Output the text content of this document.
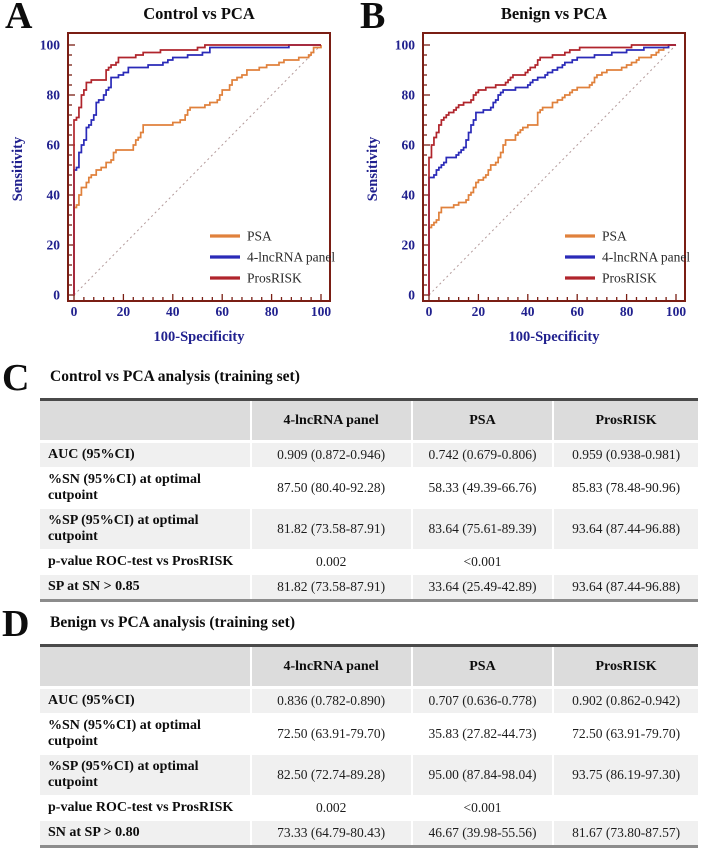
A	Control vs PCA
0	20	40	60	80 100
0
20
40
60
80
100
100-Specificity
Sensitivity
PSA
4-lncRNA panel
ProsRISK
B	Benign vs PCA
0	20	40	60	80 100
0
20
40
60
80
100
100-Specificity
Sensitivity
PSA
4-lncRNA panel
ProsRISK
C	Control vs PCA analysis (training set)
	4-lncRNA panel	PSA	ProsRISK
AUC (95%CI)	0.909 (0.872-0.946)	0.742 (0.679-0.806)	0.959 (0.938-0.981)
%SN (95%CI) at optimal cutpoint	87.50 (80.40-92.28)	58.33 (49.39-66.76)	85.83 (78.48-90.96)
%SP (95%CI) at optimal cutpoint	81.82 (73.58-87.91)	83.64 (75.61-89.39)	93.64 (87.44-96.88)
p-value ROC-test vs ProsRISK	0.002	<0.001	
SP at SN > 0.85	81.82 (73.58-87.91)	33.64 (25.49-42.89)	93.64 (87.44-96.88)
D	Benign vs PCA analysis (training set)
	4-lncRNA panel	PSA	ProsRISK
AUC (95%CI)	0.836 (0.782-0.890)	0.707 (0.636-0.778)	0.902 (0.862-0.942)
%SN (95%CI) at optimal cutpoint	72.50 (63.91-79.70)	35.83 (27.82-44.73)	72.50 (63.91-79.70)
%SP (95%CI) at optimal cutpoint	82.50 (72.74-89.28)	95.00 (87.84-98.04)	93.75 (86.19-97.30)
p-value ROC-test vs ProsRISK	0.002	<0.001	
SN at SP > 0.80	73.33 (64.79-80.43)	46.67 (39.98-55.56)	81.67 (73.80-87.57)
